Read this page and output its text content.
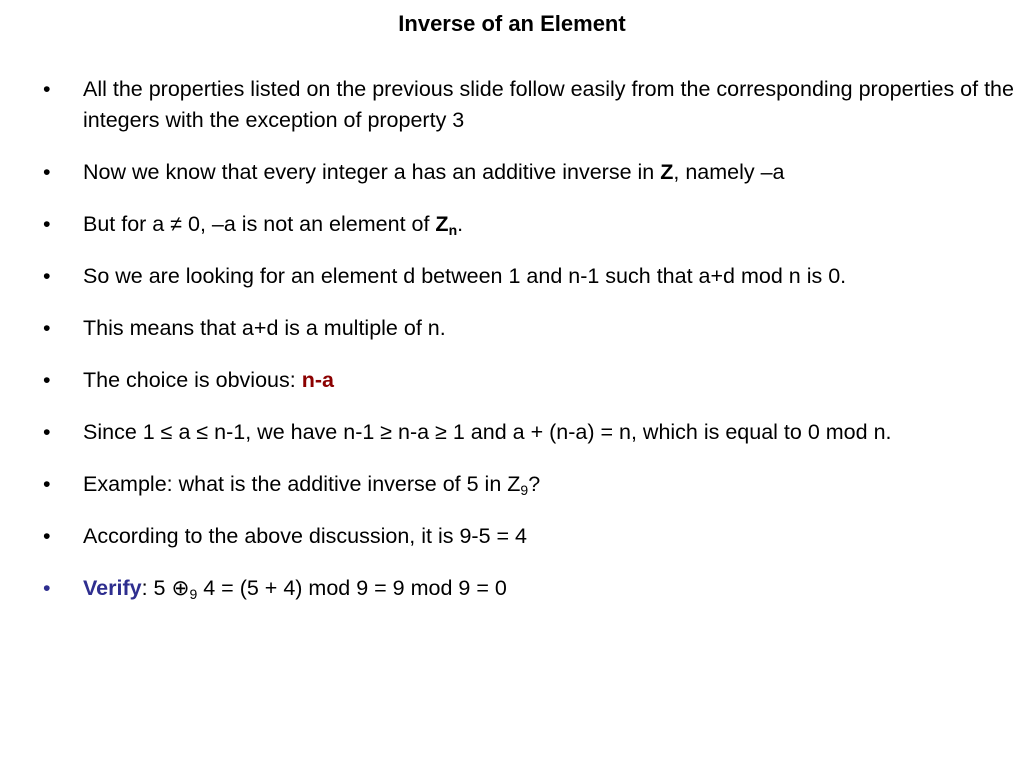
Inverse of an Element
• All the properties listed on the previous slide follow easily from the corresponding properties of the integers with the exception of property 3
• Now we know that every integer a has an additive inverse in Z, namely –a
• But for a ≠ 0, –a is not an element of $Z_n$.
• So we are looking for an element d between 1 and n-1 such that a+d mod n is 0.
• This means that a+d is a multiple of n.
• The choice is obvious: n-a
• Since 1 ≤ a ≤ n-1, we have n-1 ≥ n-a ≥ 1 and a + (n-a) = n, which is equal to 0 mod n.
• Example: what is the additive inverse of 5 in $Z_9$?
• According to the above discussion, it is 9-5 = 4
• Verify: 5 $\oplus_9$ 4 = (5 + 4) mod 9 = 9 mod 9 = 0
